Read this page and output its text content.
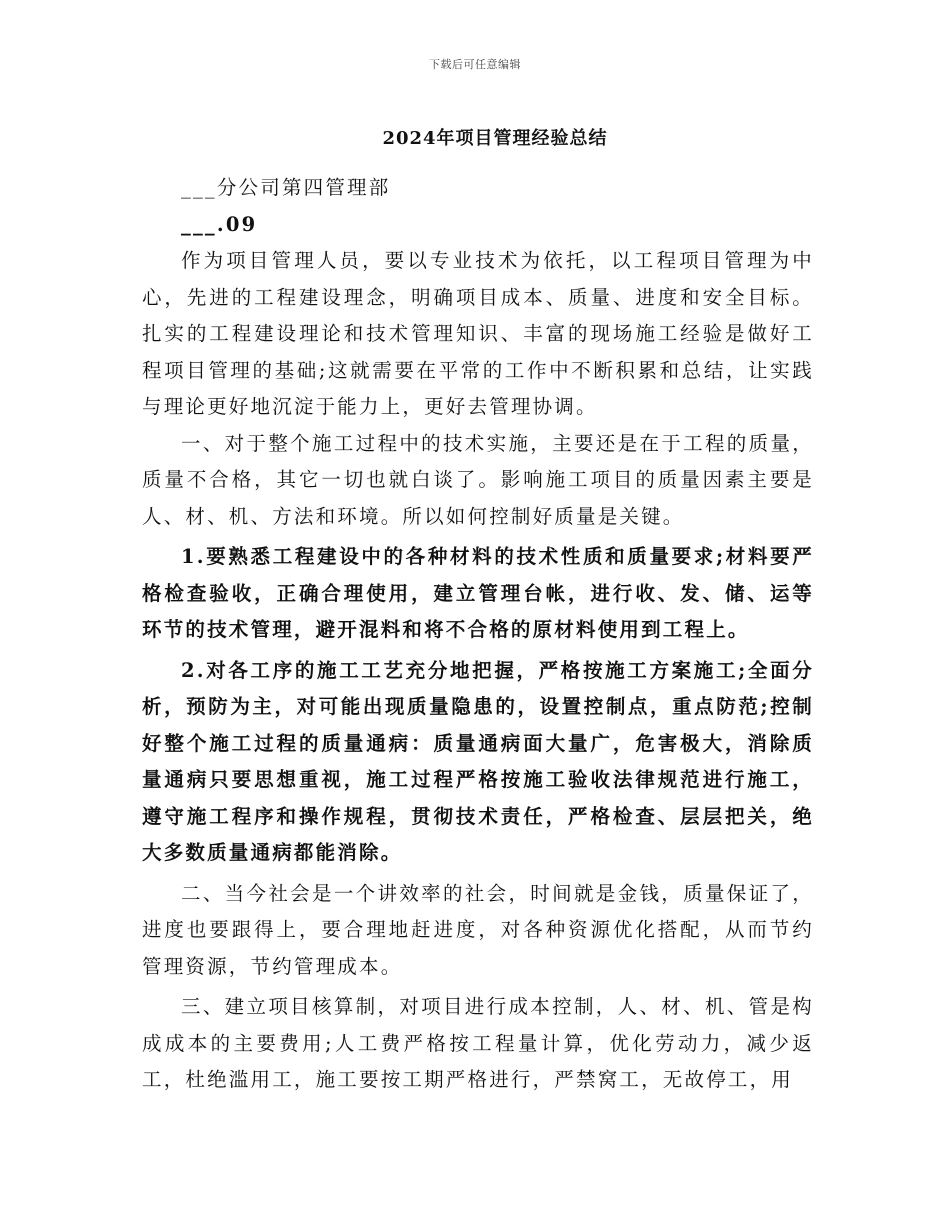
下载后可任意编辑
2024年项目管理经验总结

___分公司第四管理部

___.09

作为项目管理人员，要以专业技术为依托，以工程项目管理为中心，先进的工程建设理念，明确项目成本、质量、进度和安全目标。扎实的工程建设理论和技术管理知识、丰富的现场施工经验是做好工程项目管理的基础;这就需要在平常的工作中不断积累和总结，让实践与理论更好地沉淀于能力上，更好去管理协调。

一、对于整个施工过程中的技术实施，主要还是在于工程的质量，质量不合格，其它一切也就白谈了。影响施工项目的质量因素主要是人、材、机、方法和环境。所以如何控制好质量是关键。

1.要熟悉工程建设中的各种材料的技术性质和质量要求;材料要严格检查验收，正确合理使用，建立管理台帐，进行收、发、储、运等环节的技术管理，避开混料和将不合格的原材料使用到工程上。

2.对各工序的施工工艺充分地把握，严格按施工方案施工;全面分析，预防为主，对可能出现质量隐患的，设置控制点，重点防范;控制好整个施工过程的质量通病：质量通病面大量广，危害极大，消除质量通病只要思想重视，施工过程严格按施工验收法律规范进行施工，遵守施工程序和操作规程，贯彻技术责任，严格检查、层层把关，绝大多数质量通病都能消除。

二、当今社会是一个讲效率的社会，时间就是金钱，质量保证了，进度也要跟得上，要合理地赶进度，对各种资源优化搭配，从而节约管理资源，节约管理成本。

三、建立项目核算制，对项目进行成本控制，人、材、机、管是构成成本的主要费用;人工费严格按工程量计算，优化劳动力，减少返工，杜绝滥用工，施工要按工期严格进行，严禁窝工，无故停工，用
